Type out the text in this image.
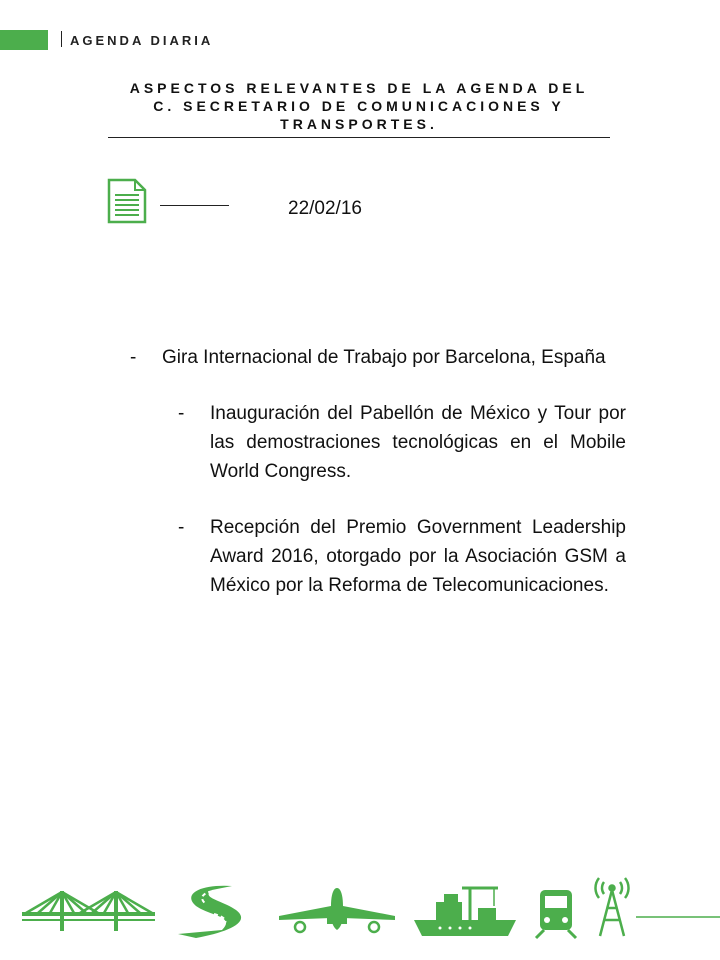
AGENDA DIARIA
ASPECTOS RELEVANTES DE LA AGENDA DEL
C. SECRETARIO DE COMUNICACIONES Y
TRANSPORTES.
22/02/16
-	Gira Internacional de Trabajo por Barcelona, España
-	Inauguración del Pabellón de México y Tour por las demostraciones tecnológicas en el Mobile World Congress.
-	Recepción del Premio Government Leadership Award 2016, otorgado por la Asociación GSM a México por la Reforma de Telecomunicaciones.
